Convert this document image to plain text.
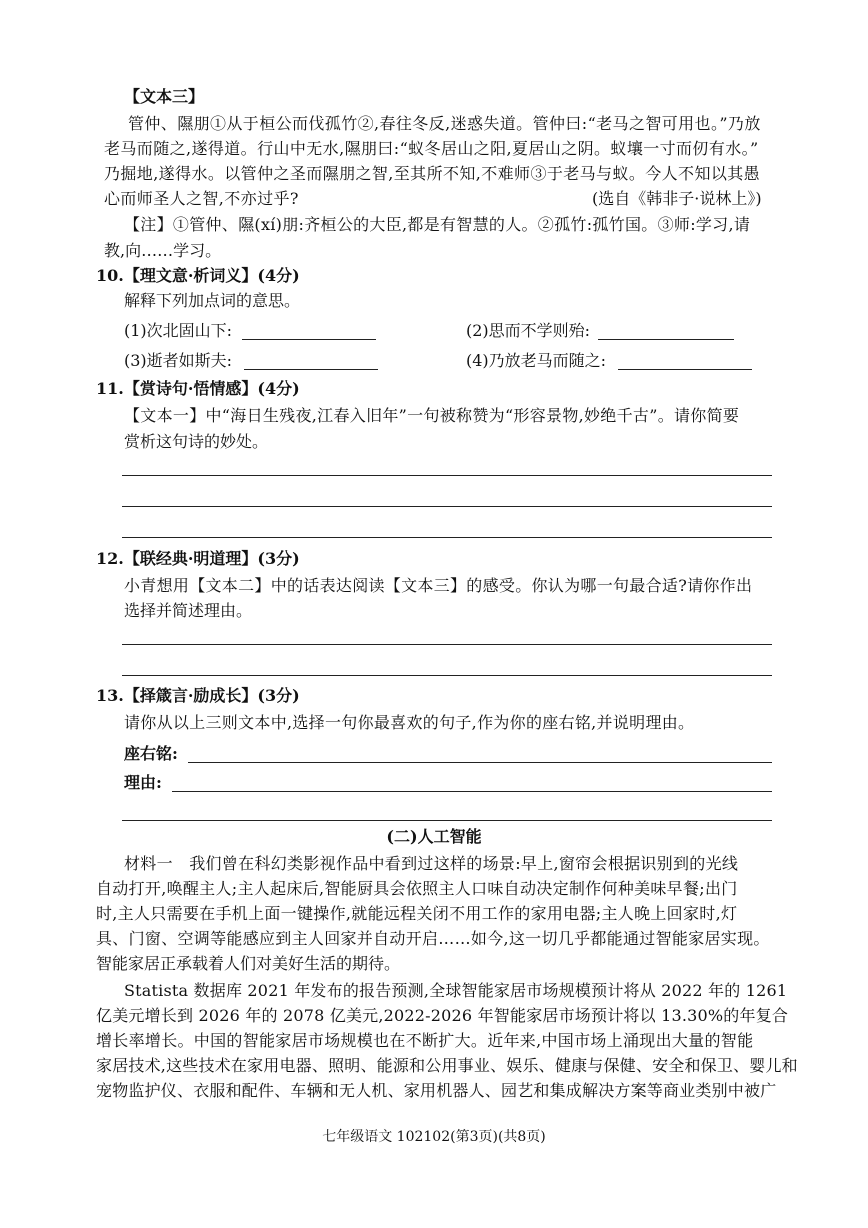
【文本三】
管仲、隰朋①从于桓公而伐孤竹②,春往冬反,迷惑失道。管仲曰:“老马之智可用也。”乃放
老马而随之,遂得道。行山中无水,隰朋曰:“蚁冬居山之阳,夏居山之阴。蚁壤一寸而仞有水。”
乃掘地,遂得水。以管仲之圣而隰朋之智,至其所不知,不难师③于老马与蚁。今人不知以其愚
心而师圣人之智,不亦过乎?	(选自《韩非子·说林上》)
【注】①管仲、隰(xí)朋:齐桓公的大臣,都是有智慧的人。②孤竹:孤竹国。③师:学习,请
教,向……学习。
10.【理文意·析词义】(4分)
解释下列加点词的意思。
(1)次北固山下:	(2)思而不学则殆:
(3)逝者如斯夫:	(4)乃放老马而随之:
11.【赏诗句·悟情感】(4分)
【文本一】中“海日生残夜,江春入旧年”一句被称赞为“形容景物,妙绝千古”。请你简要
赏析这句诗的妙处。
12.【联经典·明道理】(3分)
小青想用【文本二】中的话表达阅读【文本三】的感受。你认为哪一句最合适?请你作出
选择并简述理由。
13.【择箴言·励成长】(3分)
请你从以上三则文本中,选择一句你最喜欢的句子,作为你的座右铭,并说明理由。
座右铭:
理由:
(二)人工智能
材料一　我们曾在科幻类影视作品中看到过这样的场景:早上,窗帘会根据识别到的光线
自动打开,唤醒主人;主人起床后,智能厨具会依照主人口味自动决定制作何种美味早餐;出门
时,主人只需要在手机上面一键操作,就能远程关闭不用工作的家用电器;主人晚上回家时,灯
具、门窗、空调等能感应到主人回家并自动开启……如今,这一切几乎都能通过智能家居实现。
智能家居正承载着人们对美好生活的期待。
Statista 数据库 2021 年发布的报告预测,全球智能家居市场规模预计将从 2022 年的 1261
亿美元增长到 2026 年的 2078 亿美元,2022-2026 年智能家居市场预计将以 13.30%的年复合
增长率增长。中国的智能家居市场规模也在不断扩大。近年来,中国市场上涌现出大量的智能
家居技术,这些技术在家用电器、照明、能源和公用事业、娱乐、健康与保健、安全和保卫、婴儿和
宠物监护仪、衣服和配件、车辆和无人机、家用机器人、园艺和集成解决方案等商业类别中被广
七年级语文 102102(第3页)(共8页)
